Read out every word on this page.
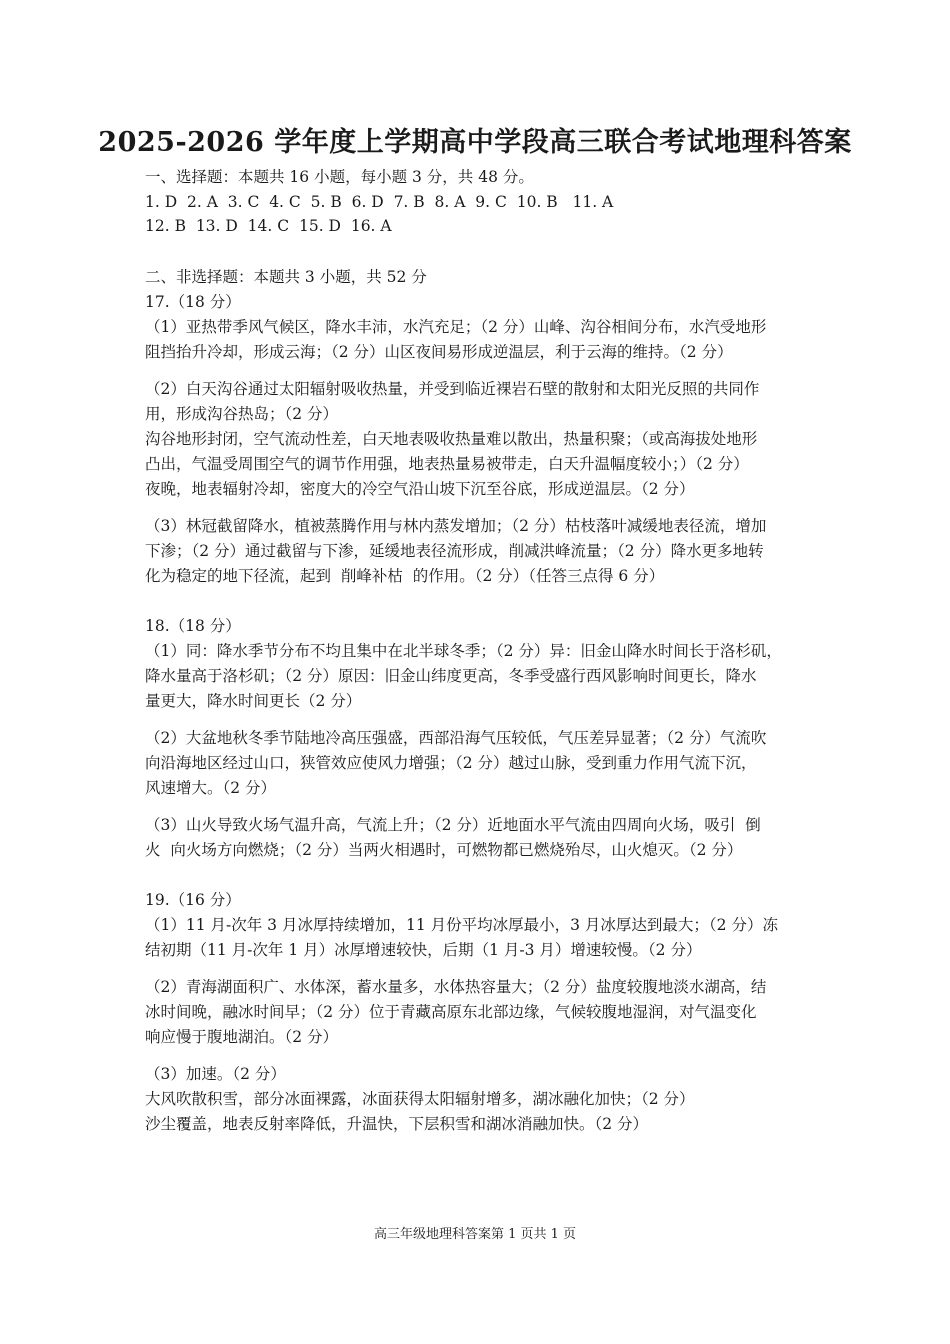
2025-2026 学年度上学期高中学段高三联合考试地理科答案

一、选择题：本题共 16 小题，每小题 3 分，共 48 分。

1. D  2. A  3. C  4. C  5. B  6. D  7. B  8. A  9. C  10. B   11. A

12. B  13. D  14. C  15. D  16. A

二、非选择题：本题共 3 小题，共 52 分

17.（18 分）

（1）亚热带季风气候区，降水丰沛，水汽充足；（2 分）山峰、沟谷相间分布，水汽受地形

阻挡抬升冷却，形成云海；（2 分）山区夜间易形成逆温层，利于云海的维持。（2 分）

（2）白天沟谷通过太阳辐射吸收热量，并受到临近裸岩石壁的散射和太阳光反照的共同作

用，形成沟谷热岛；（2 分）

沟谷地形封闭，空气流动性差，白天地表吸收热量难以散出，热量积聚；（或高海拔处地形

凸出，气温受周围空气的调节作用强，地表热量易被带走，白天升温幅度较小；）（2 分）

夜晚，地表辐射冷却，密度大的冷空气沿山坡下沉至谷底，形成逆温层。（2 分）

（3）林冠截留降水，植被蒸腾作用与林内蒸发增加；（2 分）枯枝落叶减缓地表径流，增加

下渗；（2 分）通过截留与下渗，延缓地表径流形成，削减洪峰流量；（2 分）降水更多地转

化为稳定的地下径流，起到  削峰补枯  的作用。（2 分）（任答三点得 6 分）

18.（18 分）

（1）同：降水季节分布不均且集中在北半球冬季；（2 分）异：旧金山降水时间长于洛杉矶，

降水量高于洛杉矶；（2 分）原因：旧金山纬度更高，冬季受盛行西风影响时间更长，降水

量更大，降水时间更长（2 分）

（2）大盆地秋冬季节陆地冷高压强盛，西部沿海气压较低，气压差异显著；（2 分）气流吹

向沿海地区经过山口，狭管效应使风力增强；（2 分）越过山脉，受到重力作用气流下沉，

风速增大。（2 分）

（3）山火导致火场气温升高，气流上升；（2 分）近地面水平气流由四周向火场，吸引  倒

火  向火场方向燃烧；（2 分）当两火相遇时，可燃物都已燃烧殆尽，山火熄灭。（2 分）

19.（16 分）

（1）11 月-次年 3 月冰厚持续增加，11 月份平均冰厚最小，3 月冰厚达到最大；（2 分）冻

结初期（11 月-次年 1 月）冰厚增速较快，后期（1 月-3 月）增速较慢。（2 分）

（2）青海湖面积广、水体深，蓄水量多，水体热容量大；（2 分）盐度较腹地淡水湖高，结

冰时间晚，融冰时间早；（2 分）位于青藏高原东北部边缘，气候较腹地湿润，对气温变化

响应慢于腹地湖泊。（2 分）

（3）加速。（2 分）

大风吹散积雪，部分冰面裸露，冰面获得太阳辐射增多，湖冰融化加快；（2 分）

沙尘覆盖，地表反射率降低，升温快，下层积雪和湖冰消融加快。（2 分）

高三年级地理科答案第 1 页共 1 页
